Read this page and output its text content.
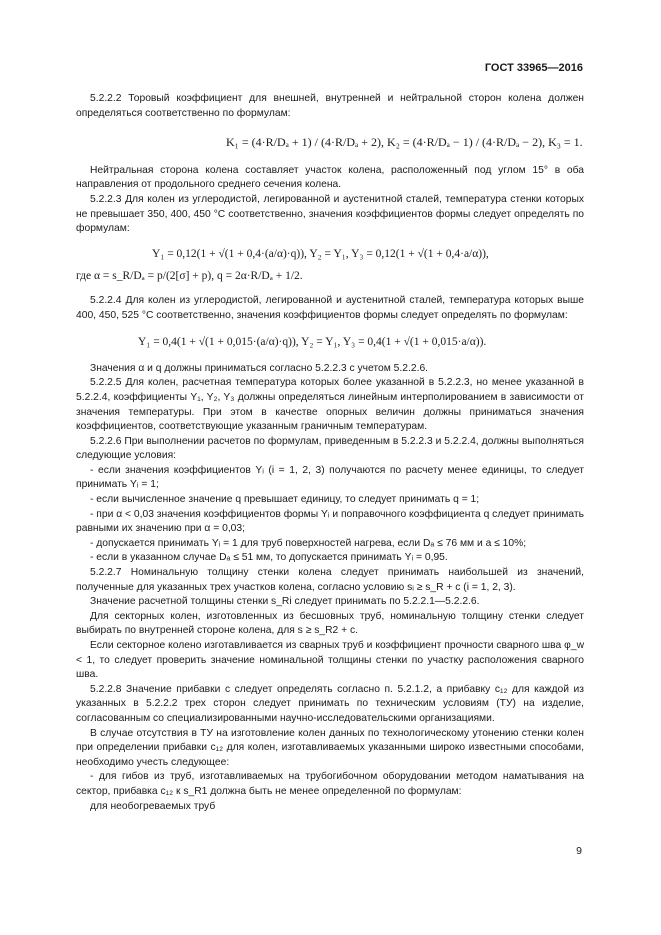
ГОСТ 33965—2016

5.2.2.2 Торовый коэффициент для внешней, внутренней и нейтральной сторон колена должен определяться соответственно по формулам:

K₁ = (4·R/Dₐ + 1) / (4·R/Dₐ + 2), K₂ = (4·R/Dₐ − 1) / (4·R/Dₐ − 2), K₃ = 1.

Нейтральная сторона колена составляет участок колена, расположенный под углом 15° в оба направления от продольного среднего сечения колена.

5.2.2.3 Для колен из углеродистой, легированной и аустенитной сталей, температура стенки которых не превышает 350, 400, 450 °C соответственно, значения коэффициентов формы следует определять по формулам:

Y₁ = 0,12(1 + √(1 + 0,4·(a/α)·q)), Y₂ = Y₁, Y₃ = 0,12(1 + √(1 + 0,4·a/α)),
где α = s_R/Dₐ = p/(2[σ] + p), q = 2α·R/Dₐ + 1/2.

5.2.2.4 Для колен из углеродистой, легированной и аустенитной сталей, температура которых выше 400, 450, 525 °C соответственно, значения коэффициентов формы следует определять по формулам:

Y₁ = 0,4(1 + √(1 + 0,015·(a/α)·q)), Y₂ = Y₁, Y₃ = 0,4(1 + √(1 + 0,015·a/α)).

Значения α и q должны приниматься согласно 5.2.2.3 с учетом 5.2.2.6.

5.2.2.5 Для колен, расчетная температура которых более указанной в 5.2.2.3, но менее указанной в 5.2.2.4, коэффициенты Y₁, Y₂, Y₃ должны определяться линейным интерполированием в зависимости от значения температуры. При этом в качестве опорных величин должны приниматься значения коэффициентов, соответствующие указанным граничным температурам.

5.2.2.6 При выполнении расчетов по формулам, приведенным в 5.2.2.3 и 5.2.2.4, должны выполняться следующие условия:

- если значения коэффициентов Yᵢ (i = 1, 2, 3) получаются по расчету менее единицы, то следует принимать Yᵢ = 1;

- если вычисленное значение q превышает единицу, то следует принимать q = 1;

- при α < 0,03 значения коэффициентов формы Yᵢ и поправочного коэффициента q следует принимать равными их значению при α = 0,03;

- допускается принимать Yᵢ = 1 для труб поверхностей нагрева, если Dₐ ≤ 76 мм и a ≤ 10%;

- если в указанном случае Dₐ ≤ 51 мм, то допускается принимать Yᵢ = 0,95.

5.2.2.7 Номинальную толщину стенки колена следует принимать наибольшей из значений, полученные для указанных трех участков колена, согласно условию sᵢ ≥ s_R + c (i = 1, 2, 3).

Значение расчетной толщины стенки s_Ri следует принимать по 5.2.2.1—5.2.2.6.

Для секторных колен, изготовленных из бесшовных труб, номинальную толщину стенки следует выбирать по внутренней стороне колена, для s ≥ s_R2 + c.

Если секторное колено изготавливается из сварных труб и коэффициент прочности сварного шва φ_w < 1, то следует проверить значение номинальной толщины стенки по участку расположения сварного шва.

5.2.2.8 Значение прибавки c следует определять согласно п. 5.2.1.2, а прибавку c₁₂ для каждой из указанных в 5.2.2.2 трех сторон следует принимать по техническим условиям (ТУ) на изделие, согласованным со специализированными научно-исследовательскими организациями.

В случае отсутствия в ТУ на изготовление колен данных по технологическому утонению стенки колен при определении прибавки c₁₂ для колен, изготавливаемых указанными широко известными способами, необходимо учесть следующее:

- для гибов из труб, изготавливаемых на трубогибочном оборудовании методом наматывания на сектор, прибавка c₁₂ к s_R1 должна быть не менее определенной по формулам:

для необогреваемых труб

9
